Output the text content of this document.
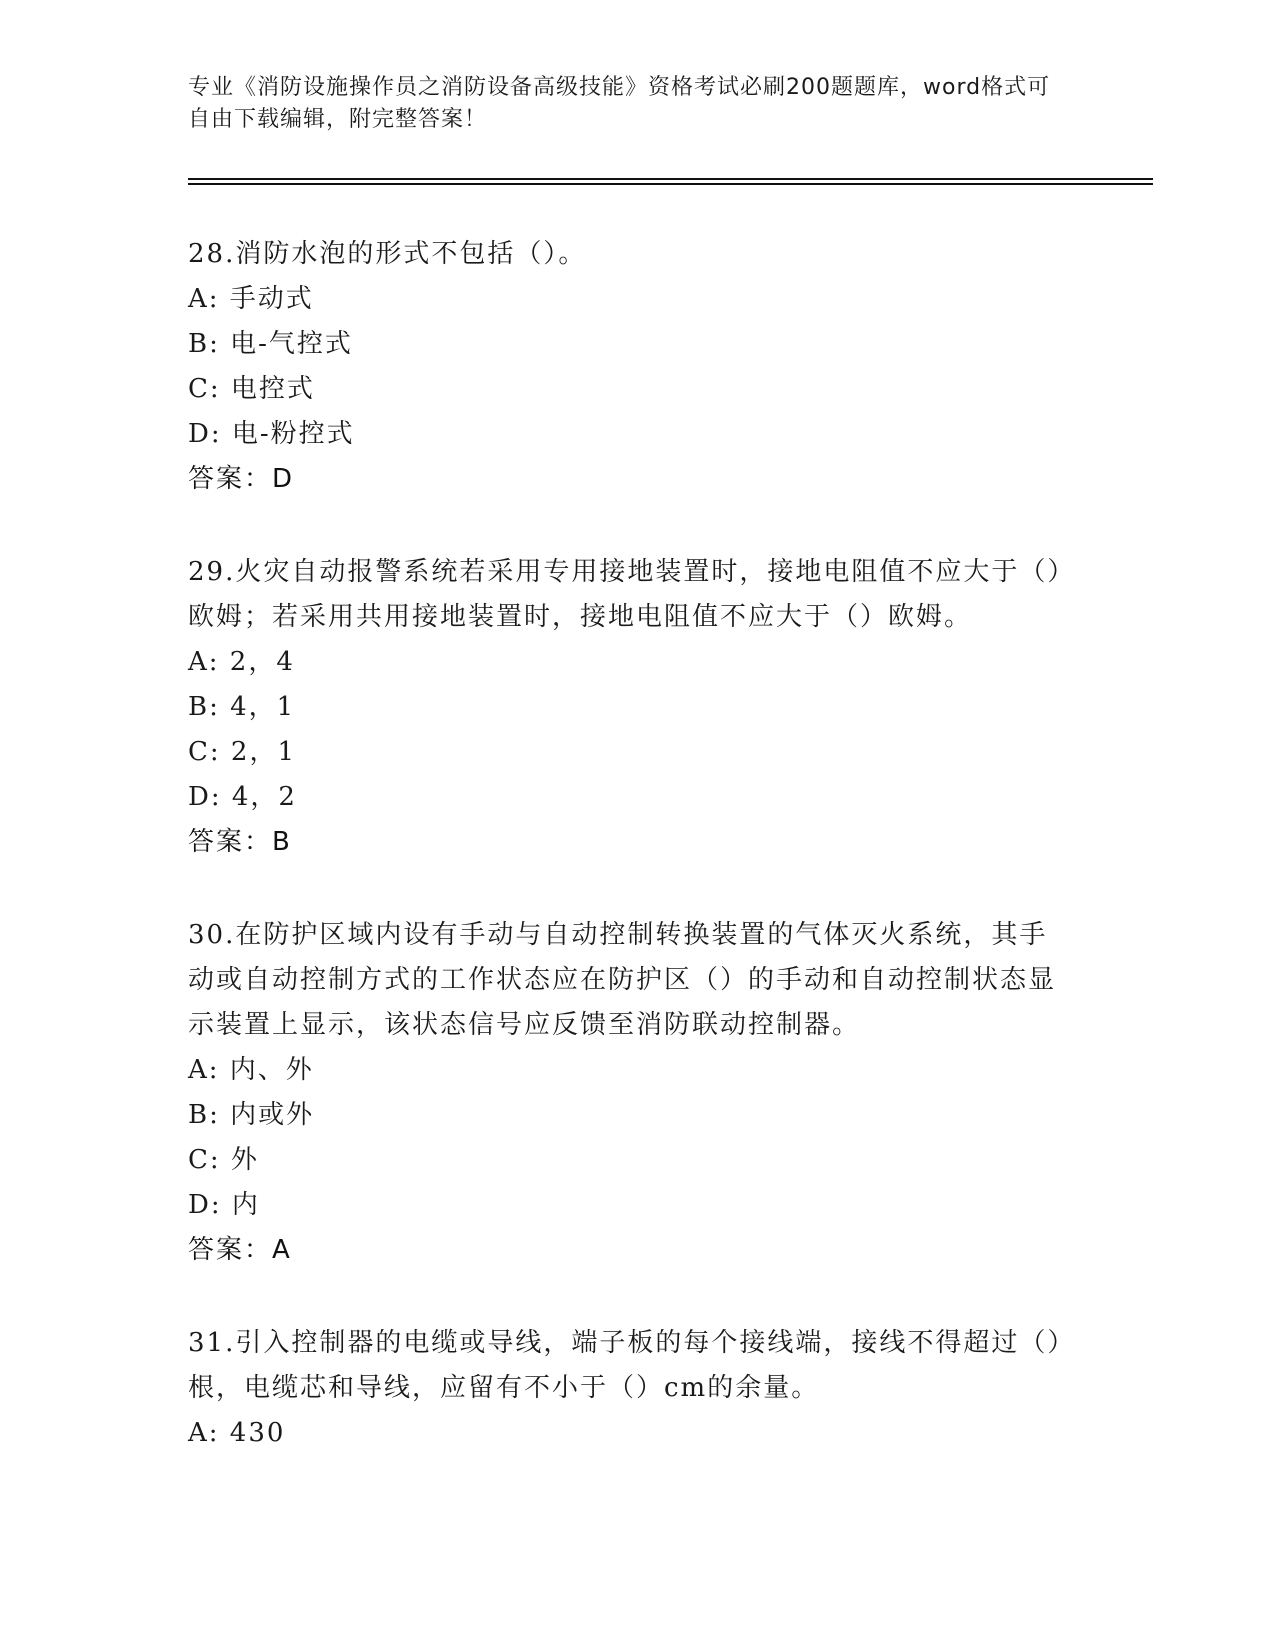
专业《消防设施操作员之消防设备高级技能》资格考试必刷200题题库，word格式可自由下载编辑，附完整答案！
28.消防水泡的形式不包括（）。
A: 手动式
B: 电-气控式
C: 电控式
D: 电-粉控式
答案：D
29.火灾自动报警系统若采用专用接地装置时，接地电阻值不应大于（）欧姆；若采用共用接地装置时，接地电阻值不应大于（）欧姆。
A: 2，4
B: 4，1
C: 2，1
D: 4，2
答案：B
30.在防护区域内设有手动与自动控制转换装置的气体灭火系统，其手动或自动控制方式的工作状态应在防护区（）的手动和自动控制状态显示装置上显示，该状态信号应反馈至消防联动控制器。
A: 内、外
B: 内或外
C: 外
D: 内
答案：A
31.引入控制器的电缆或导线，端子板的每个接线端，接线不得超过（）根，电缆芯和导线，应留有不小于（）cm的余量。
A: 430
